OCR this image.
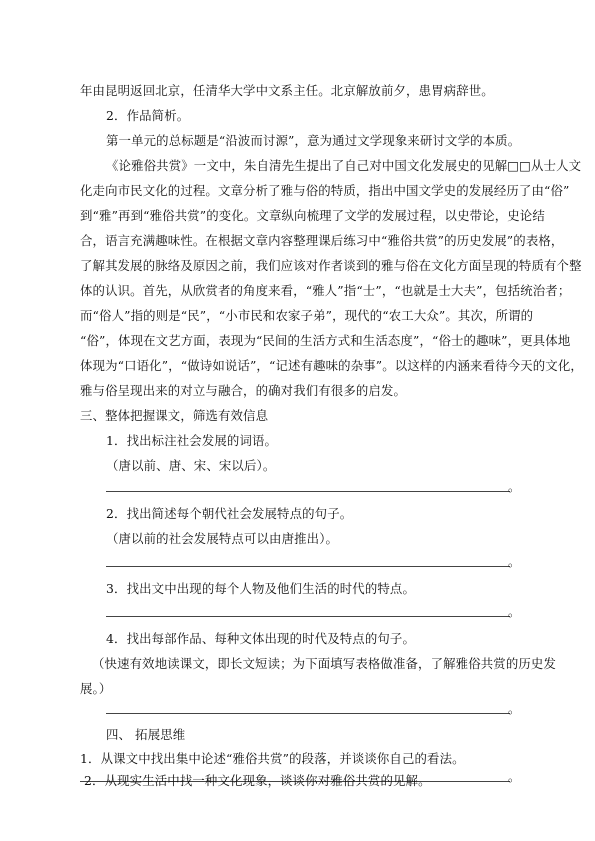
年由昆明返回北京，任清华大学中文系主任。北京解放前夕，患胃病辞世。
2．作品简析。
第一单元的总标题是“沿波而讨源”，意为通过文学现象来研讨文学的本质。
《论雅俗共赏》一文中，朱自清先生提出了自己对中国文化发展史的见解□□从士人文
化走向市民文化的过程。文章分析了雅与俗的特质，指出中国文学史的发展经历了由“俗”
到“雅”再到“雅俗共赏”的变化。文章纵向梳理了文学的发展过程，以史带论，史论结
合，语言充满趣味性。在根据文章内容整理课后练习中“雅俗共赏”的历史发展”的表格，
了解其发展的脉络及原因之前，我们应该对作者谈到的雅与俗在文化方面呈现的特质有个整
体的认识。首先，从欣赏者的角度来看，“雅人”指“士”，“也就是士大夫”，包括统治者；
而“俗人”指的则是“民”，“小市民和农家子弟”，现代的“农工大众”。其次，所谓的
“俗”，体现在文艺方面，表现为“民间的生活方式和生活态度”，“俗士的趣味”，更具体地
体现为“口语化”，“做诗如说话”，“记述有趣味的杂事”。以这样的内涵来看待今天的文化，
雅与俗呈现出来的对立与融合，的确对我们有很多的启发。
三、整体把握课文，筛选有效信息
1．找出标注社会发展的词语。
（唐以前、唐、宋、宋以后）。
。
2．找出简述每个朝代社会发展特点的句子。
（唐以前的社会发展特点可以由唐推出）。
。
3．找出文中出现的每个人物及他们生活的时代的特点。
。
4．找出每部作品、每种文体出现的时代及特点的句子。
（快速有效地读课文，即长文短读；为下面填写表格做准备，了解雅俗共赏的历史发
展。）
。
四、 拓展思维
1．从课文中找出集中论述“雅俗共赏”的段落，并谈谈你自己的看法。
。
2．从现实生活中找一种文化现象，谈谈你对雅俗共赏的见解。
